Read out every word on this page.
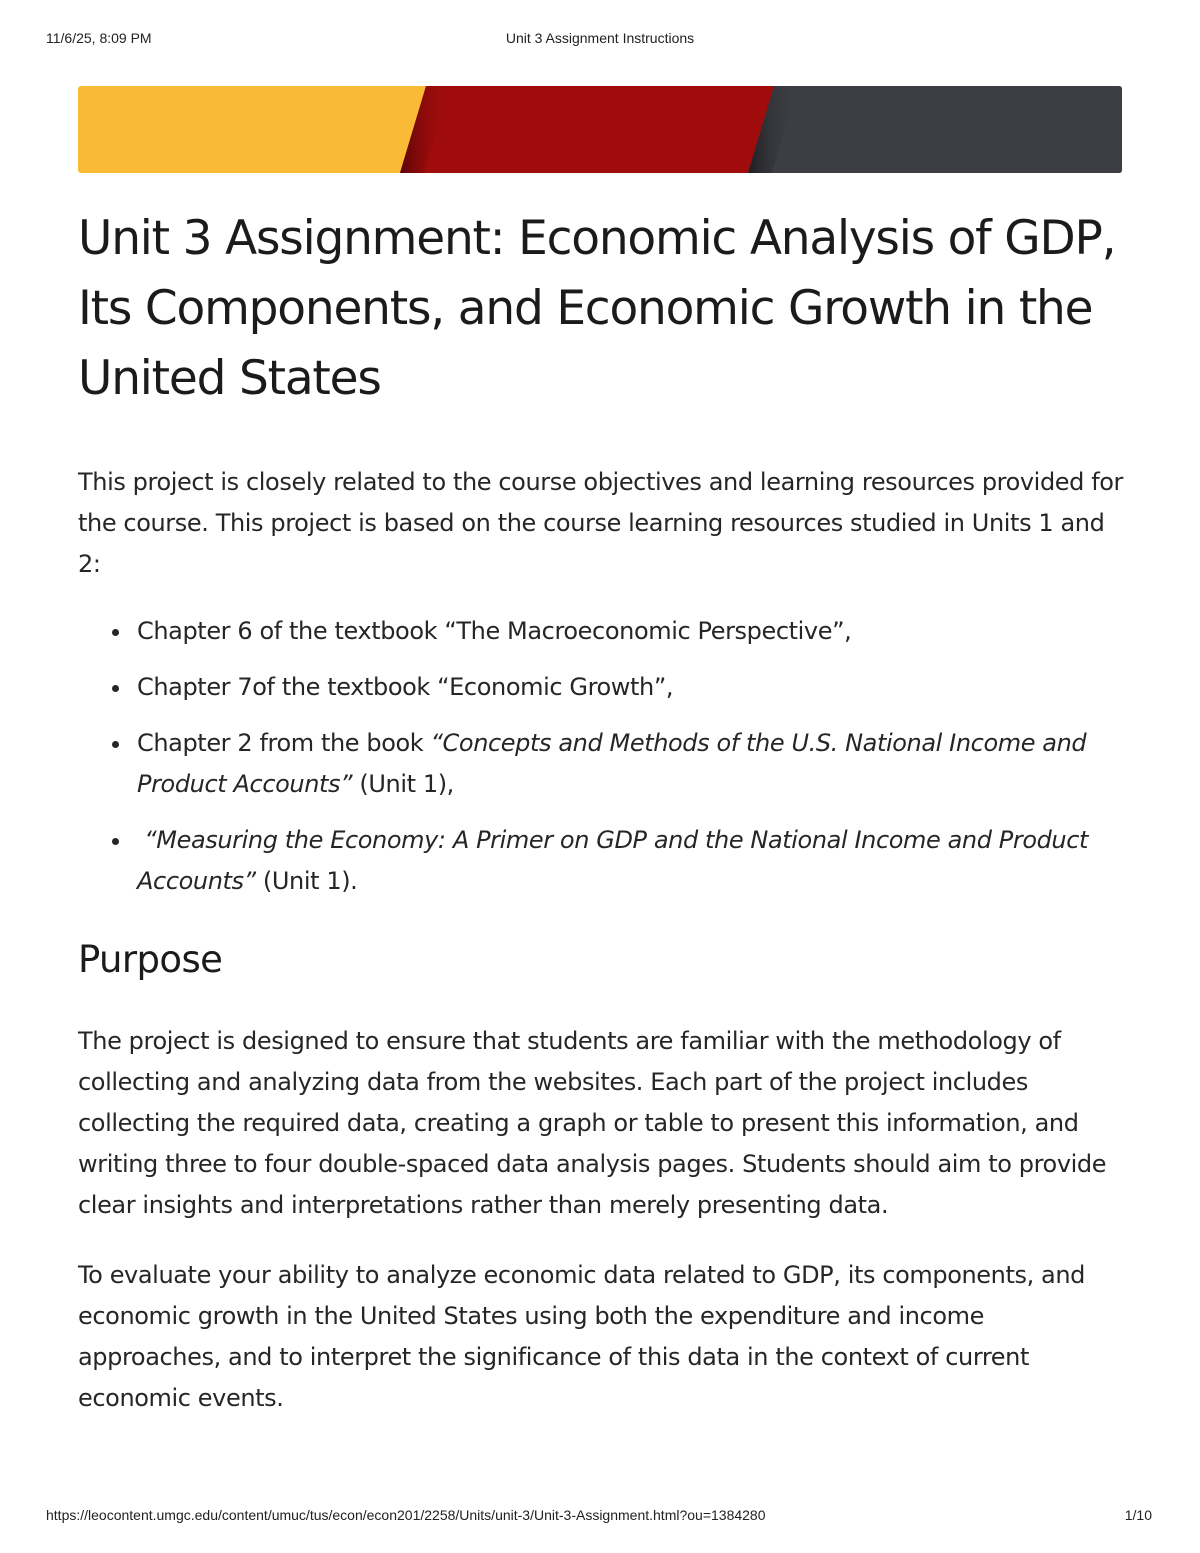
11/6/25, 8:09 PM	Unit 3 Assignment Instructions
Unit 3 Assignment: Economic Analysis of GDP, Its Components, and Economic Growth in the United States

This project is closely related to the course objectives and learning resources provided for the course. This project is based on the course learning resources studied in Units 1 and 2:

Chapter 6 of the textbook “The Macroeconomic Perspective”,
Chapter 7of the textbook “Economic Growth”,
Chapter 2 from the book “Concepts and Methods of the U.S. National Income and Product Accounts” (Unit 1),
“Measuring the Economy: A Primer on GDP and the National Income and Product Accounts” (Unit 1).
Purpose

The project is designed to ensure that students are familiar with the methodology of collecting and analyzing data from the websites. Each part of the project includes collecting the required data, creating a graph or table to present this information, and writing three to four double-spaced data analysis pages. Students should aim to provide clear insights and interpretations rather than merely presenting data.

To evaluate your ability to analyze economic data related to GDP, its components, and economic growth in the United States using both the expenditure and income approaches, and to interpret the significance of this data in the context of current economic events.

https://leocontent.umgc.edu/content/umuc/tus/econ/econ201/2258/Units/unit-3/Unit-3-Assignment.html?ou=1384280	1/10
